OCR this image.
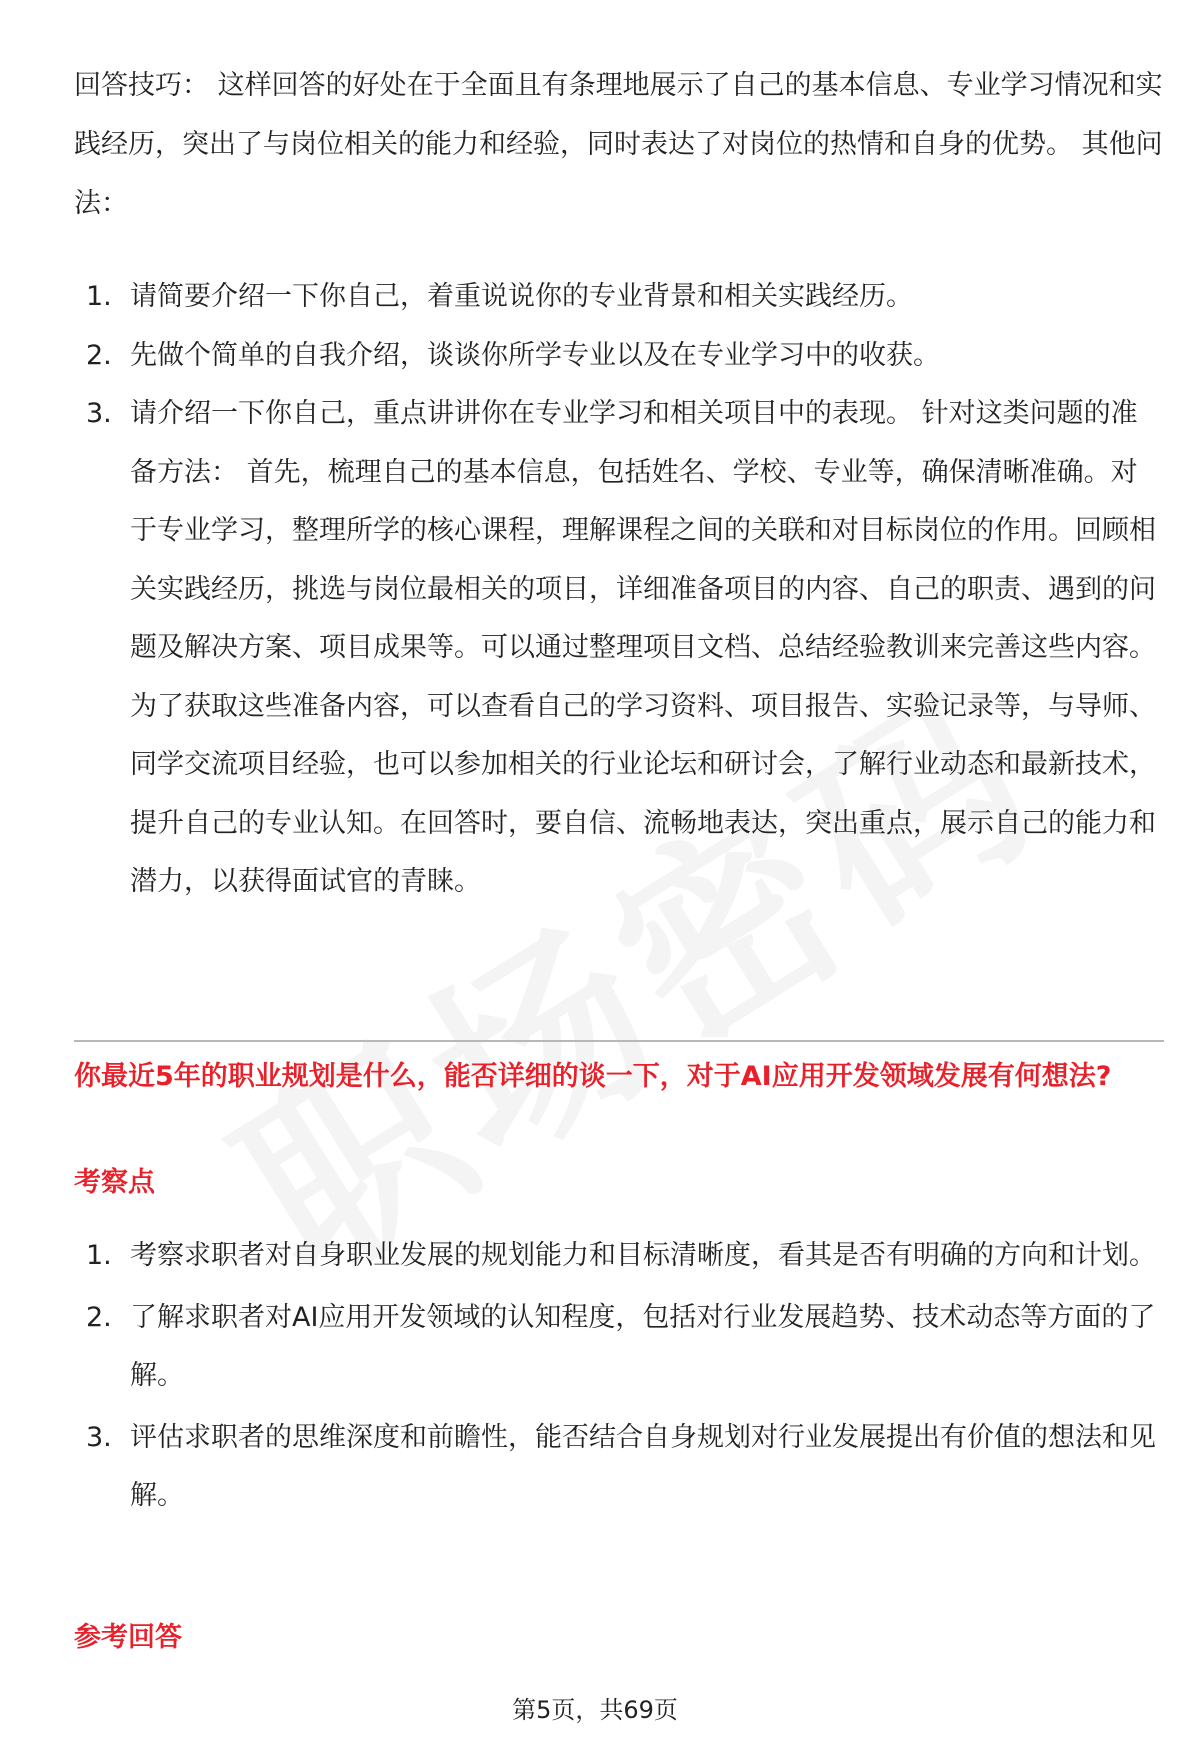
回答技巧： 这样回答的好处在于全面且有条理地展示了自己的基本信息、专业学习情况和实践经历，突出了与岗位相关的能力和经验，同时表达了对岗位的热情和自身的优势。 其他问法：

1. 请简要介绍一下你自己，着重说说你的专业背景和相关实践经历。
2. 先做个简单的自我介绍，谈谈你所学专业以及在专业学习中的收获。
3. 请介绍一下你自己，重点讲讲你在专业学习和相关项目中的表现。 针对这类问题的准备方法： 首先，梳理自己的基本信息，包括姓名、学校、专业等，确保清晰准确。对于专业学习，整理所学的核心课程，理解课程之间的关联和对目标岗位的作用。回顾相关实践经历，挑选与岗位最相关的项目，详细准备项目的内容、自己的职责、遇到的问题及解决方案、项目成果等。可以通过整理项目文档、总结经验教训来完善这些内容。 为了获取这些准备内容，可以查看自己的学习资料、项目报告、实验记录等，与导师、同学交流项目经验，也可以参加相关的行业论坛和研讨会，了解行业动态和最新技术，提升自己的专业认知。在回答时，要自信、流畅地表达，突出重点，展示自己的能力和潜力，以获得面试官的青睐。
你最近5年的职业规划是什么，能否详细的谈一下，对于AI应用开发领域发展有何想法?
考察点
1. 考察求职者对自身职业发展的规划能力和目标清晰度，看其是否有明确的方向和计划。
2. 了解求职者对AI应用开发领域的认知程度，包括对行业发展趋势、技术动态等方面的了解。
3. 评估求职者的思维深度和前瞻性，能否结合自身规划对行业发展提出有价值的想法和见解。
参考回答
第5页，共69页
